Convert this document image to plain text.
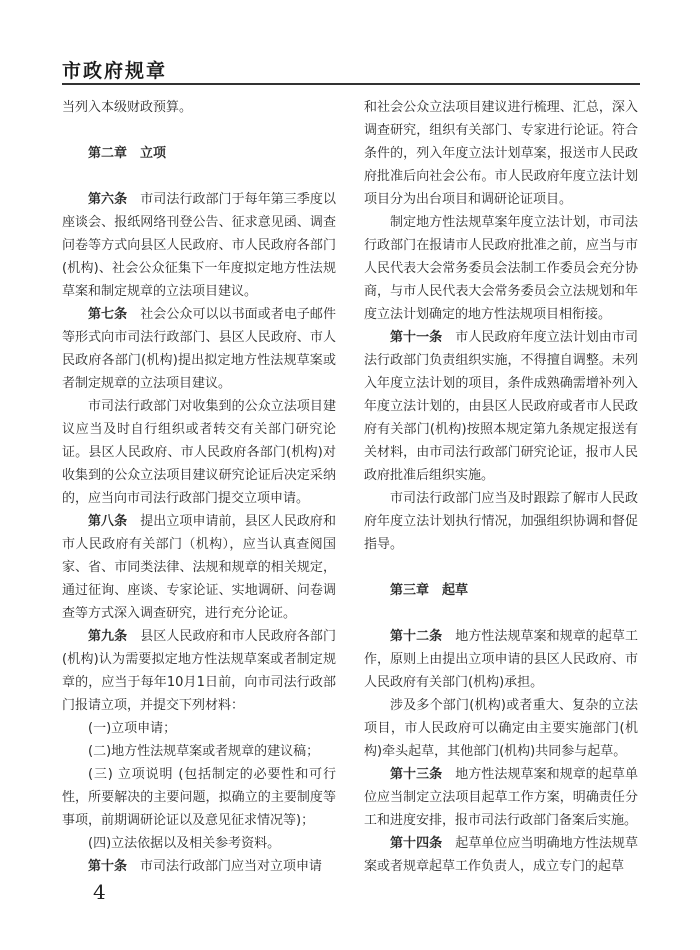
市政府规章

当列入本级财政预算。

第二章　立项

第六条　市司法行政部门于每年第三季度以座谈会、报纸网络刊登公告、征求意见函、调查问卷等方式向县区人民政府、市人民政府各部门(机构)、社会公众征集下一年度拟定地方性法规草案和制定规章的立法项目建议。

第七条　社会公众可以以书面或者电子邮件等形式向市司法行政部门、县区人民政府、市人民政府各部门(机构)提出拟定地方性法规草案或者制定规章的立法项目建议。

市司法行政部门对收集到的公众立法项目建议应当及时自行组织或者转交有关部门研究论证。县区人民政府、市人民政府各部门(机构)对收集到的公众立法项目建议研究论证后决定采纳的，应当向市司法行政部门提交立项申请。

第八条　提出立项申请前，县区人民政府和市人民政府有关部门（机构），应当认真查阅国家、省、市同类法律、法规和规章的相关规定，通过征询、座谈、专家论证、实地调研、问卷调查等方式深入调查研究，进行充分论证。

第九条　县区人民政府和市人民政府各部门(机构)认为需要拟定地方性法规草案或者制定规章的，应当于每年10月1日前，向市司法行政部门报请立项，并提交下列材料：

(一)立项申请；

(二)地方性法规草案或者规章的建议稿；

(三) 立项说明 (包括制定的必要性和可行性，所要解决的主要问题，拟确立的主要制度等事项，前期调研论证以及意见征求情况等)；

(四)立法依据以及相关参考资料。

第十条　市司法行政部门应当对立项申请

和社会公众立法项目建议进行梳理、汇总，深入调查研究，组织有关部门、专家进行论证。符合条件的，列入年度立法计划草案，报送市人民政府批准后向社会公布。市人民政府年度立法计划项目分为出台项目和调研论证项目。

制定地方性法规草案年度立法计划，市司法行政部门在报请市人民政府批准之前，应当与市人民代表大会常务委员会法制工作委员会充分协商，与市人民代表大会常务委员会立法规划和年度立法计划确定的地方性法规项目相衔接。

第十一条　市人民政府年度立法计划由市司法行政部门负责组织实施，不得擅自调整。未列入年度立法计划的项目，条件成熟确需增补列入年度立法计划的，由县区人民政府或者市人民政府有关部门(机构)按照本规定第九条规定报送有关材料，由市司法行政部门研究论证，报市人民政府批准后组织实施。

市司法行政部门应当及时跟踪了解市人民政府年度立法计划执行情况，加强组织协调和督促指导。

第三章　起草

第十二条　地方性法规草案和规章的起草工作，原则上由提出立项申请的县区人民政府、市人民政府有关部门(机构)承担。

涉及多个部门(机构)或者重大、复杂的立法项目，市人民政府可以确定由主要实施部门(机构)牵头起草，其他部门(机构)共同参与起草。

第十三条　地方性法规草案和规章的起草单位应当制定立法项目起草工作方案，明确责任分工和进度安排，报市司法行政部门备案后实施。

第十四条　起草单位应当明确地方性法规草案或者规章起草工作负责人，成立专门的起草

4
